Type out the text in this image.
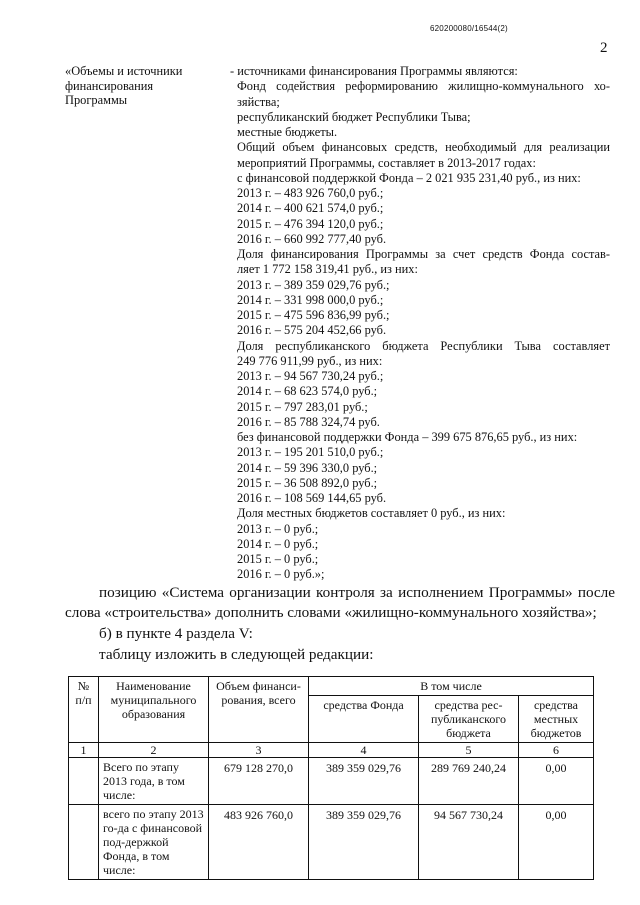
620200080/16544(2)
2
«Объемы и источники
финансирования
Программы
- источниками финансирования Программы являются:
Фонд содействия реформированию жилищно-коммунального хо-
зяйства;
республиканский бюджет Республики Тыва;
местные бюджеты.
Общий объем финансовых средств, необходимый для реализации
мероприятий Программы, составляет в 2013-2017 годах:
с финансовой поддержкой Фонда – 2 021 935 231,40 руб., из них:
2013 г. – 483 926 760,0 руб.;
2014 г. – 400 621 574,0 руб.;
2015 г. – 476 394 120,0 руб.;
2016 г. – 660 992 777,40 руб.
Доля финансирования Программы за счет средств Фонда состав-
ляет 1 772 158 319,41 руб., из них:
2013 г. – 389 359 029,76 руб.;
2014 г. – 331 998 000,0 руб.;
2015 г. – 475 596 836,99 руб.;
2016 г. – 575 204 452,66 руб.
Доля республиканского бюджета Республики Тыва составляет
249 776 911,99 руб., из них:
2013 г. – 94 567 730,24 руб.;
2014 г. – 68 623 574,0 руб.;
2015 г. – 797 283,01 руб.;
2016 г. – 85 788 324,74 руб.
без финансовой поддержки Фонда – 399 675 876,65 руб., из них:
2013 г. – 195 201 510,0 руб.;
2014 г. – 59 396 330,0 руб.;
2015 г. – 36 508 892,0 руб.;
2016 г. – 108 569 144,65 руб.
Доля местных бюджетов составляет 0 руб., из них:
2013 г. – 0 руб.;
2014 г. – 0 руб.;
2015 г. – 0 руб.;
2016 г. – 0 руб.»;
позицию «Система организации контроля за исполнением Программы» после
слова «строительства» дополнить словами «жилищно-коммунального хозяйства»;
б) в пункте 4 раздела V:
таблицу изложить в следующей редакции:
№ п/п	Наименование муниципального образования	Объем финанси-рования, всего	В том числе		
			средства Фонда	средства рес-публиканского бюджета	средства местных бюджетов
1	2	3	4	5	6
	Всего по этапу 2013 года, в том числе:	679 128 270,0	389 359 029,76	289 769 240,24	0,00
	всего по этапу 2013 го-да с финансовой под-держкой Фонда, в том числе:	483 926 760,0	389 359 029,76	94 567 730,24	0,00
